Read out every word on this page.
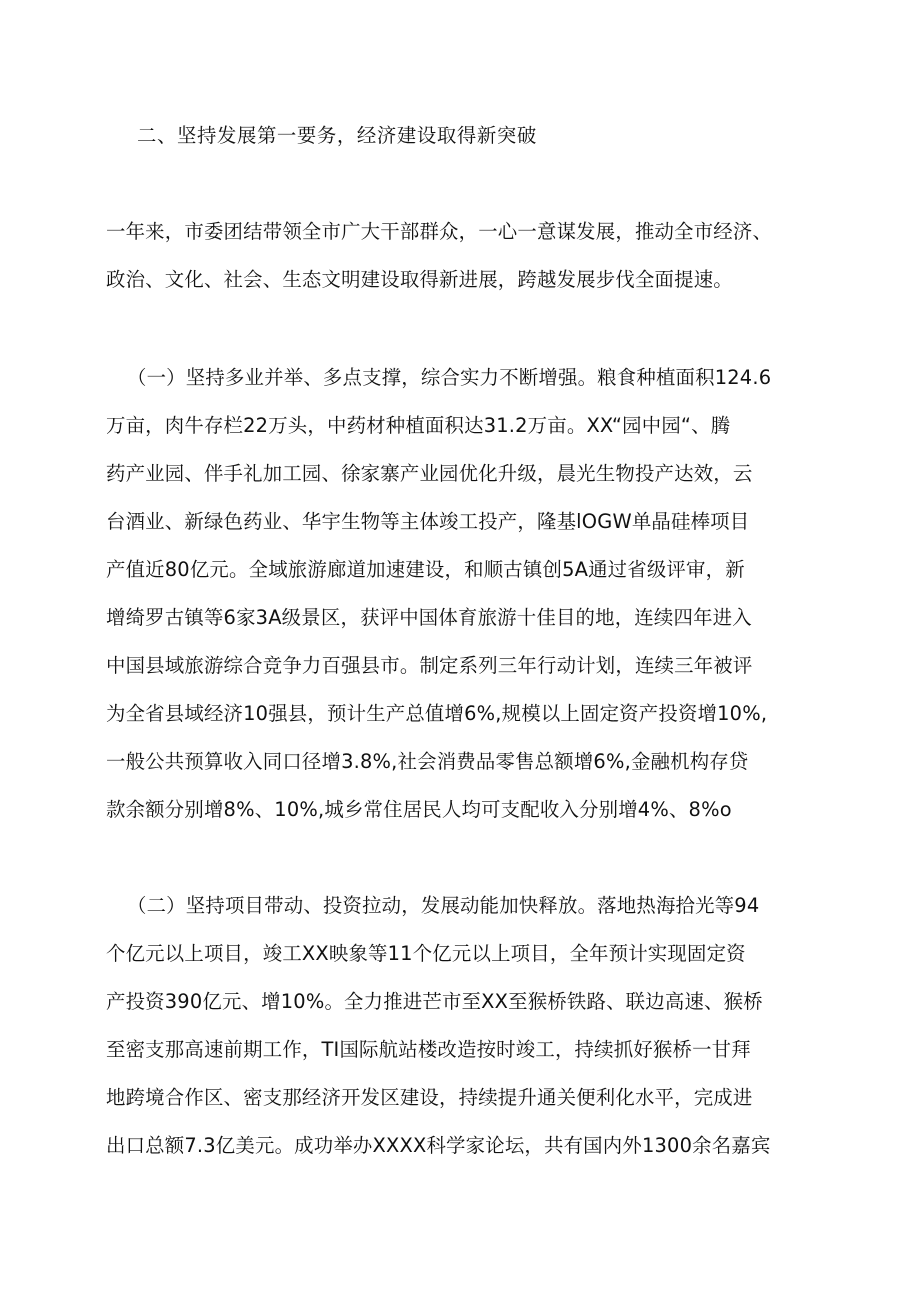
二、坚持发展第一要务，经济建设取得新突破
一年来，市委团结带领全市广大干部群众，一心一意谋发展，推动全市经济、
政治、文化、社会、生态文明建设取得新进展，跨越发展步伐全面提速。
（一）坚持多业并举、多点支撑，综合实力不断增强。粮食种植面积124.6
万亩，肉牛存栏22万头，中药材种植面积达31.2万亩。XX“园中园“、腾
药产业园、伴手礼加工园、徐家寨产业园优化升级，晨光生物投产达效，云
台酒业、新绿色药业、华宇生物等主体竣工投产，隆基lOGW单晶硅棒项目
产值近80亿元。全域旅游廊道加速建设，和顺古镇创5A通过省级评审，新
增绮罗古镇等6家3A级景区，获评中国体育旅游十佳目的地，连续四年进入
中国县域旅游综合竞争力百强县市。制定系列三年行动计划，连续三年被评
为全省县域经济10强县，预计生产总值增6%,规模以上固定资产投资增10%,
一般公共预算收入同口径增3.8%,社会消费品零售总额增6%,金融机构存贷
款余额分别增8%、10%,城乡常住居民人均可支配收入分别增4%、8%o
（二）坚持项目带动、投资拉动，发展动能加快释放。落地热海拾光等94
个亿元以上项目，竣工XX映象等11个亿元以上项目，全年预计实现固定资
产投资390亿元、增10%。全力推进芒市至XX至猴桥铁路、联边高速、猴桥
至密支那高速前期工作，TI国际航站楼改造按时竣工，持续抓好猴桥一甘拜
地跨境合作区、密支那经济开发区建设，持续提升通关便利化水平，完成进
出口总额7.3亿美元。成功举办XXXX科学家论坛，共有国内外1300余名嘉宾
